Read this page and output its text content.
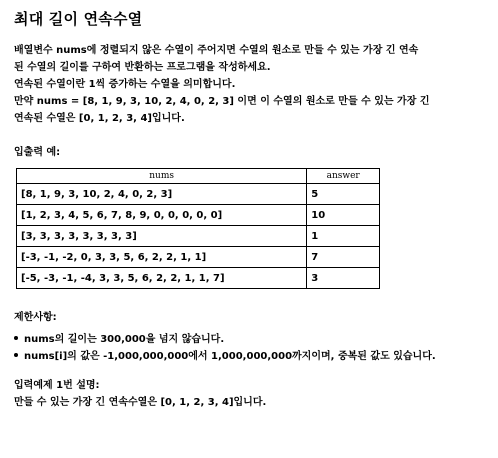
최대 길이 연속수열
배열변수 nums에 정렬되지 않은 수열이 주어지면 수열의 원소로 만들 수 있는 가장 긴 연속
된 수열의 길이를 구하여 반환하는 프로그램을 작성하세요.
연속된 수열이란 1씩 증가하는 수열을 의미합니다.
만약 nums = [8, 1, 9, 3, 10, 2, 4, 0, 2, 3] 이면 이 수열의 원소로 만들 수 있는 가장 긴
연속된 수열은 [0, 1, 2, 3, 4]입니다.
입출력 예:
nums	answer
[8, 1, 9, 3, 10, 2, 4, 0, 2, 3]	5
[1, 2, 3, 4, 5, 6, 7, 8, 9, 0, 0, 0, 0, 0]	10
[3, 3, 3, 3, 3, 3, 3, 3]	1
[-3, -1, -2, 0, 3, 3, 5, 6, 2, 2, 1, 1]	7
[-5, -3, -1, -4, 3, 3, 5, 6, 2, 2, 1, 1, 7]	3
제한사항:
nums의 길이는 300,000을 넘지 않습니다.
nums[i]의 값은 -1,000,000,000에서 1,000,000,000까지이며, 중복된 값도 있습니다.
입력예제 1번 설명:
만들 수 있는 가장 긴 연속수열은 [0, 1, 2, 3, 4]입니다.
